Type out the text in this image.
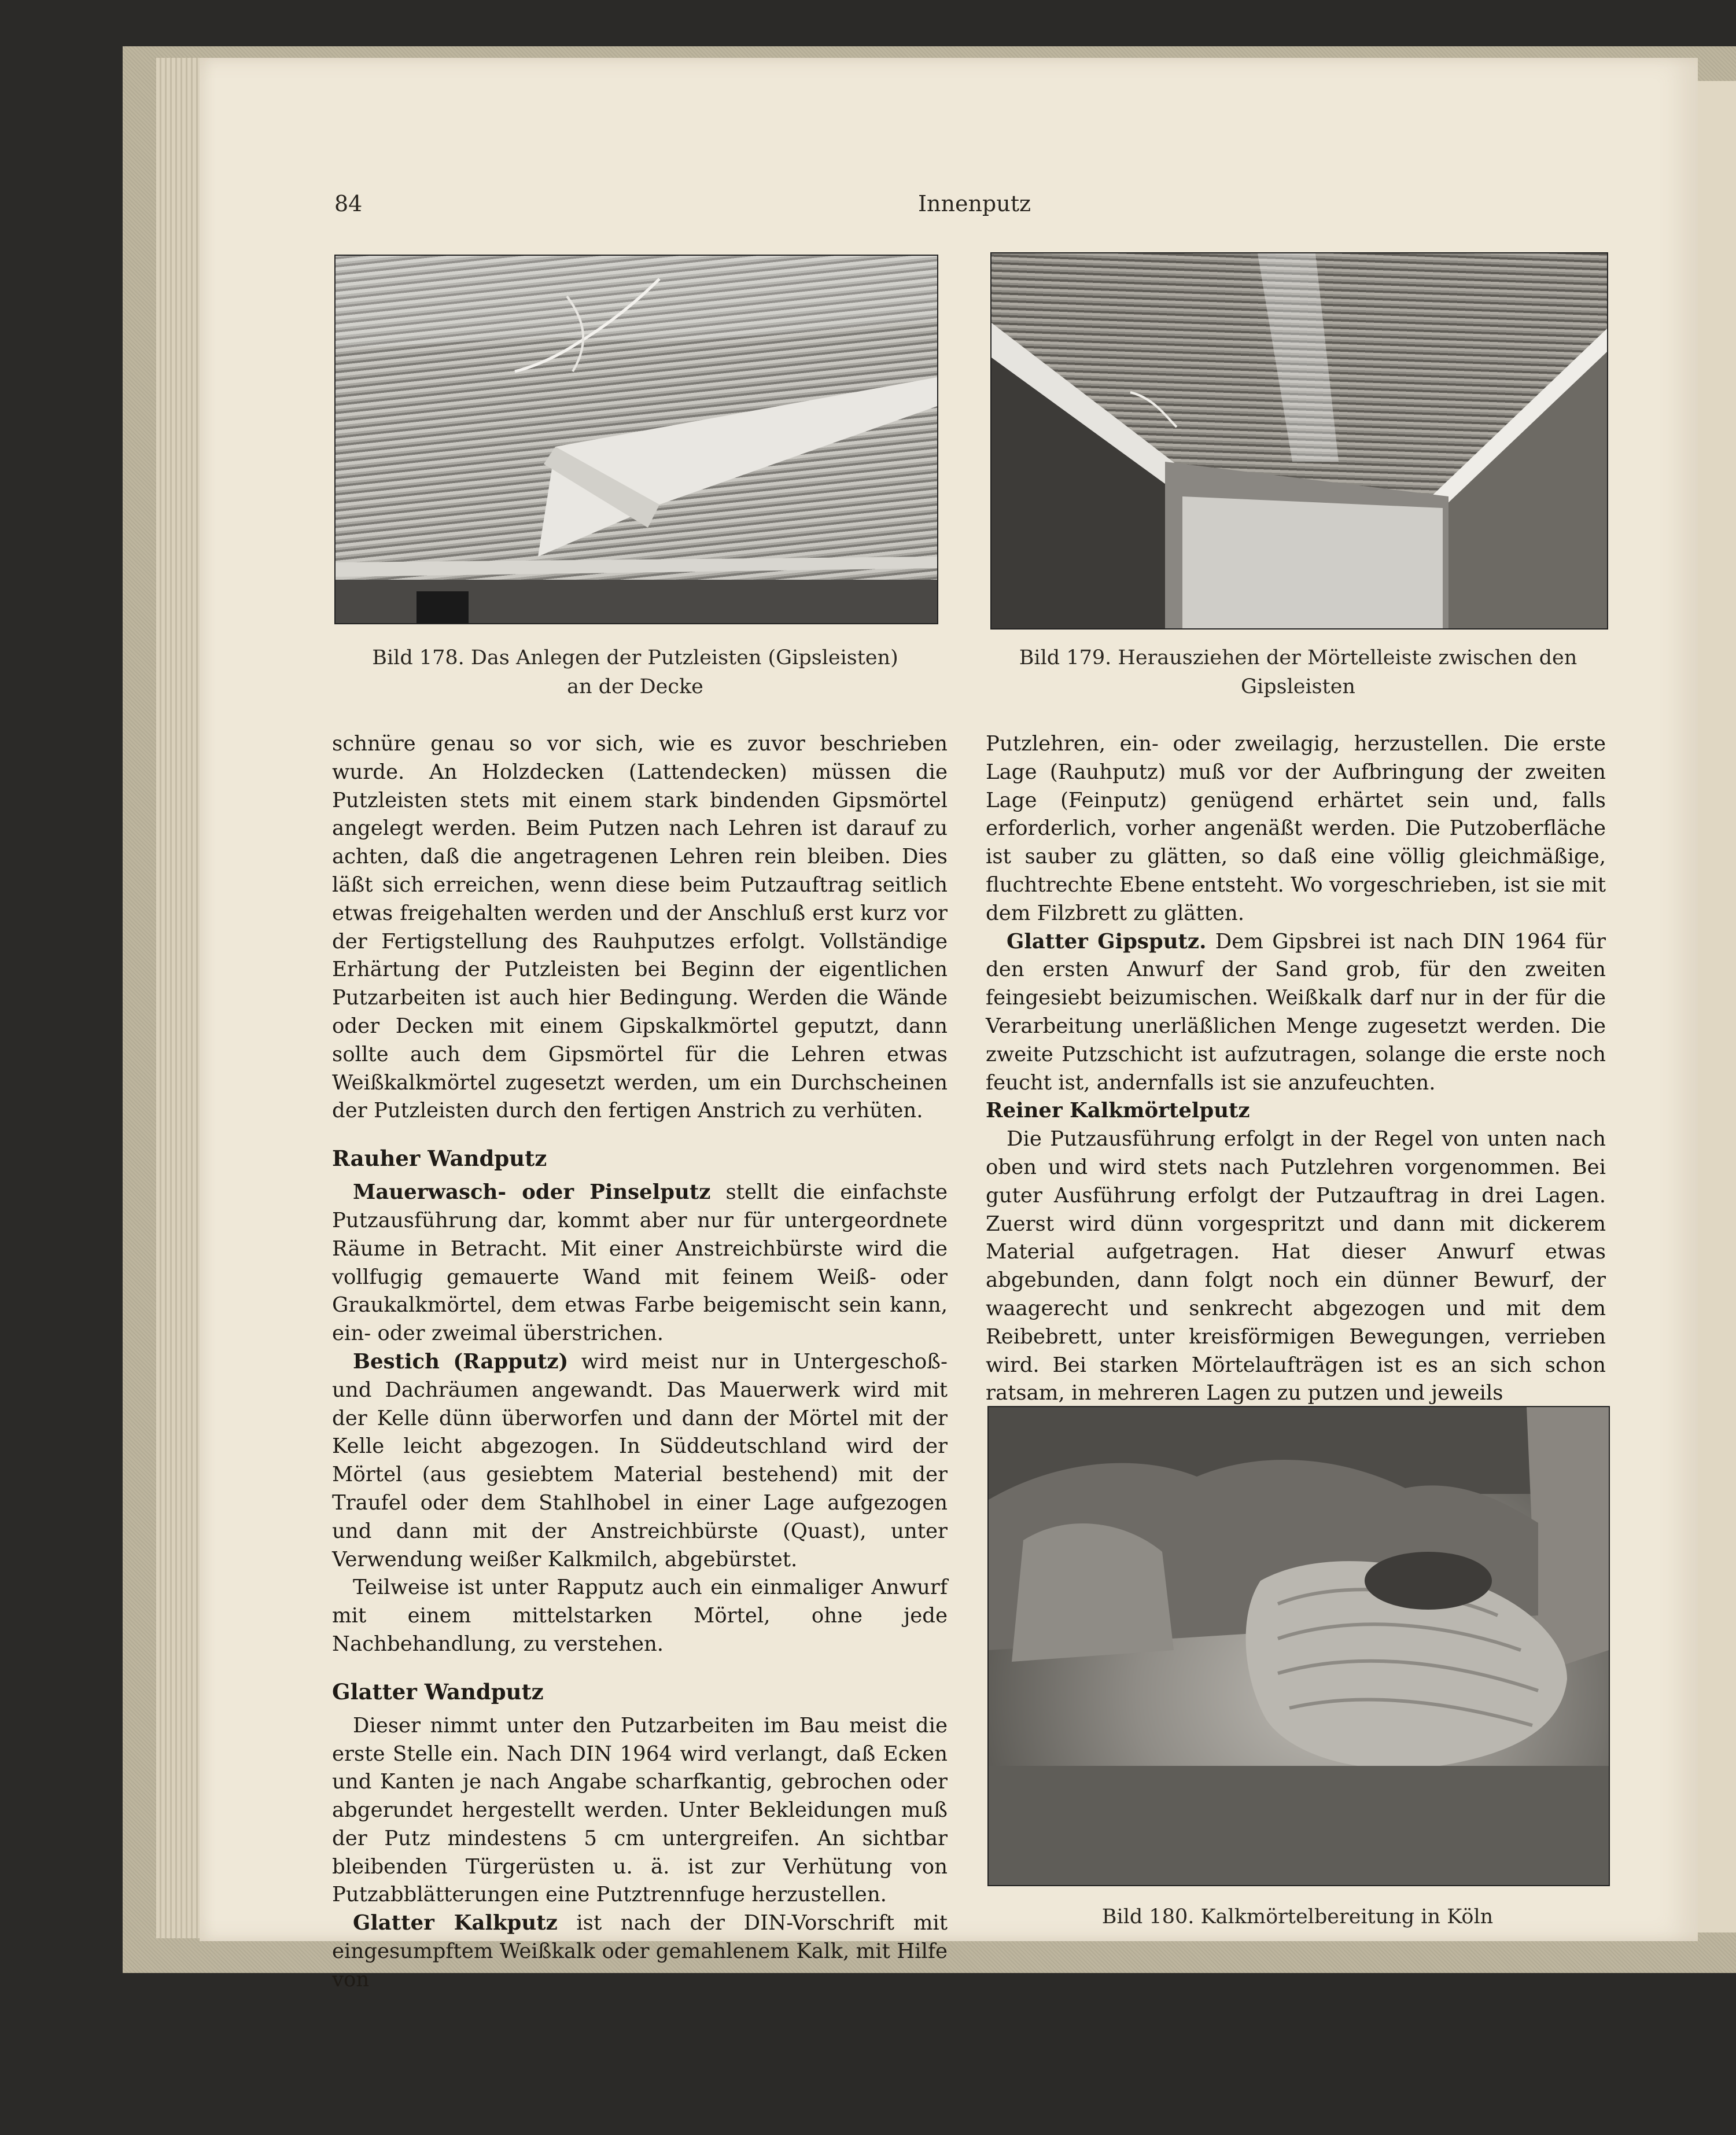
84	Innenputz
Bild 178. Das Anlegen der Putzleisten (Gipsleisten)
an der Decke
Bild 179. Herausziehen der Mörtelleiste zwischen den
Gipsleisten
Bild 180. Kalkmörtelbereitung in Köln

schnüre genau so vor sich, wie es zuvor beschrieben wurde. An Holzdecken (Lattendecken) müssen die Putzleisten stets mit einem stark bindenden Gipsmörtel angelegt werden. Beim Putzen nach Lehren ist darauf zu achten, daß die angetragenen Lehren rein bleiben. Dies läßt sich erreichen, wenn diese beim Putzauftrag seitlich etwas freigehalten werden und der Anschluß erst kurz vor der Fertigstellung des Rauhputzes erfolgt. Vollständige Erhärtung der Putzleisten bei Beginn der eigentlichen Putzarbeiten ist auch hier Bedingung. Werden die Wände oder Decken mit einem Gipskalkmörtel geputzt, dann sollte auch dem Gipsmörtel für die Lehren etwas Weißkalkmörtel zugesetzt werden, um ein Durchscheinen der Putzleisten durch den fertigen Anstrich zu verhüten.

Rauher Wandputz

Mauerwasch- oder Pinselputz stellt die einfachste Putzausführung dar, kommt aber nur für untergeordnete Räume in Betracht. Mit einer Anstreichbürste wird die vollfugig gemauerte Wand mit feinem Weiß- oder Graukalkmörtel, dem etwas Farbe beigemischt sein kann, ein- oder zweimal überstrichen.

Bestich (Rapputz) wird meist nur in Untergeschoß- und Dachräumen angewandt. Das Mauerwerk wird mit der Kelle dünn überworfen und dann der Mörtel mit der Kelle leicht abgezogen. In Süddeutschland wird der Mörtel (aus gesiebtem Material bestehend) mit der Traufel oder dem Stahlhobel in einer Lage aufgezogen und dann mit der Anstreichbürste (Quast), unter Verwendung weißer Kalkmilch, abgebürstet.

Teilweise ist unter Rapputz auch ein einmaliger Anwurf mit einem mittelstarken Mörtel, ohne jede Nachbehandlung, zu verstehen.

Glatter Wandputz

Dieser nimmt unter den Putzarbeiten im Bau meist die erste Stelle ein. Nach DIN 1964 wird verlangt, daß Ecken und Kanten je nach Angabe scharfkantig, gebrochen oder abgerundet hergestellt werden. Unter Bekleidungen muß der Putz mindestens 5 cm untergreifen. An sichtbar bleibenden Türgerüsten u. ä. ist zur Verhütung von Putzabblätterungen eine Putztrennfuge herzustellen.

Glatter Kalkputz ist nach der DIN-Vorschrift mit eingesumpftem Weißkalk oder gemahlenem Kalk, mit Hilfe von

Putzlehren, ein- oder zweilagig, herzustellen. Die erste Lage (Rauhputz) muß vor der Aufbringung der zweiten Lage (Feinputz) genügend erhärtet sein und, falls erforderlich, vorher angenäßt werden. Die Putzoberfläche ist sauber zu glätten, so daß eine völlig gleichmäßige, fluchtrechte Ebene entsteht. Wo vorgeschrieben, ist sie mit dem Filzbrett zu glätten.

Glatter Gipsputz. Dem Gipsbrei ist nach DIN 1964 für den ersten Anwurf der Sand grob, für den zweiten feingesiebt beizumischen. Weißkalk darf nur in der für die Verarbeitung unerläßlichen Menge zugesetzt werden. Die zweite Putzschicht ist aufzutragen, solange die erste noch feucht ist, andernfalls ist sie anzufeuchten.

Reiner Kalkmörtelputz

Die Putzausführung erfolgt in der Regel von unten nach oben und wird stets nach Putzlehren vorgenommen. Bei guter Ausführung erfolgt der Putzauftrag in drei Lagen. Zuerst wird dünn vorgespritzt und dann mit dickerem Material aufgetragen. Hat dieser Anwurf etwas abgebunden, dann folgt noch ein dünner Bewurf, der waagerecht und senkrecht abgezogen und mit dem Reibebrett, unter kreisförmigen Bewegungen, verrieben wird. Bei starken Mörtelaufträgen ist es an sich schon ratsam, in mehreren Lagen zu putzen und jeweils
